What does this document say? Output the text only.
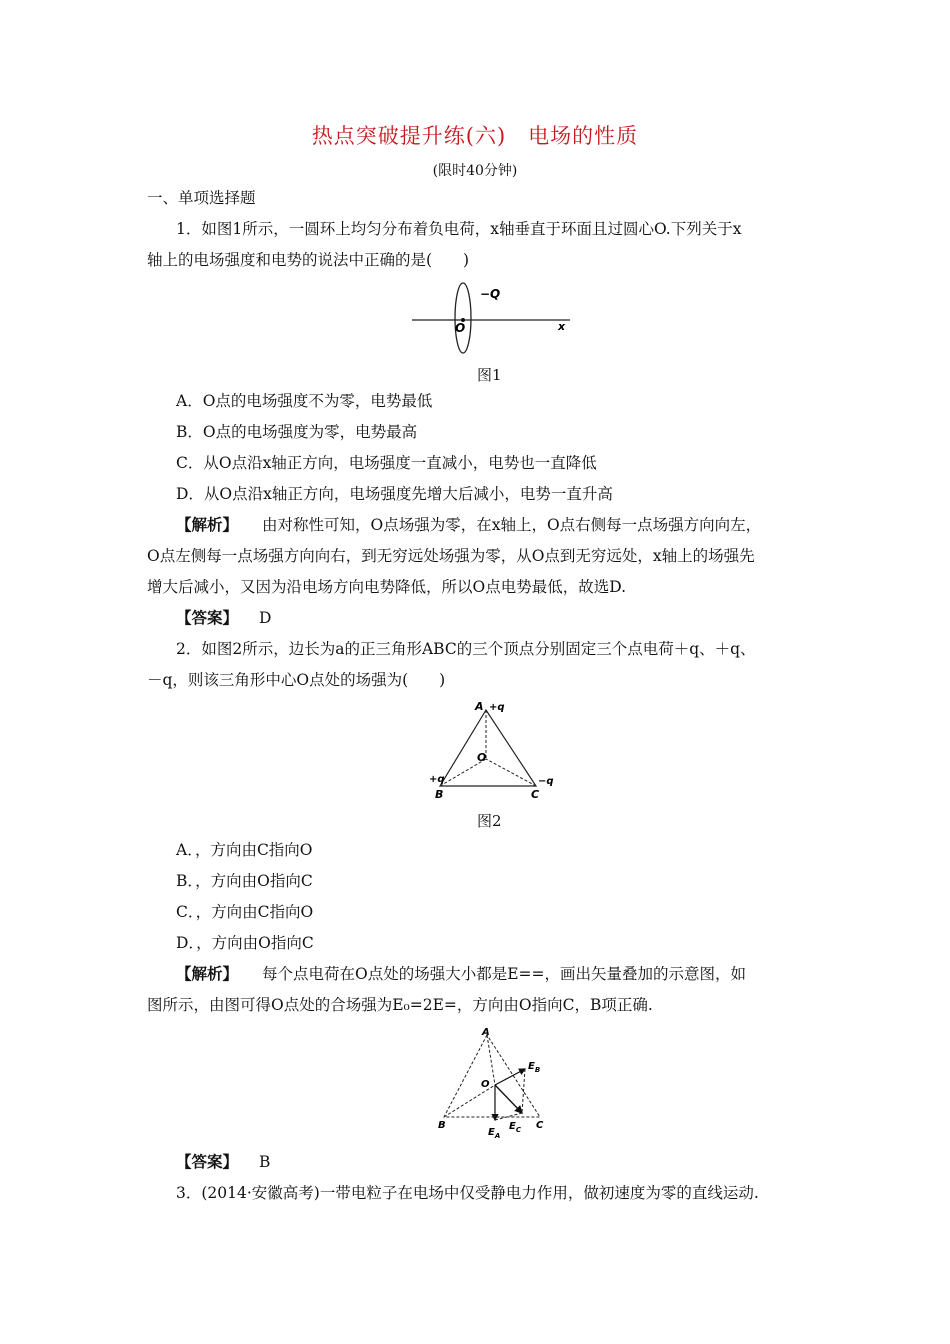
热点突破提升练(六)　电场的性质
(限时40分钟)
一、单项选择题
1．如图1所示，一圆环上均匀分布着负电荷，x轴垂直于环面且过圆心O.下列关于x
轴上的电场强度和电势的说法中正确的是(　　)
−Q
O	x
图1
A．O点的电场强度不为零，电势最低
B．O点的电场强度为零，电势最高
C．从O点沿x轴正方向，电场强度一直减小，电势也一直降低
D．从O点沿x轴正方向，电场强度先增大后减小，电势一直升高
【解析】 由对称性可知，O点场强为零，在x轴上，O点右侧每一点场强方向向左，
O点左侧每一点场强方向向右，到无穷远处场强为零，从O点到无穷远处，x轴上的场强先
增大后减小，又因为沿电场方向电势降低，所以O点电势最低，故选D.
【答案】 D
2．如图2所示，边长为a的正三角形ABC的三个顶点分别固定三个点电荷＋q、＋q、
－q，则该三角形中心O点处的场强为(　　)
A +q
+q
B
−q
C
O
图2
A．，方向由C指向O
B．，方向由O指向C
C．，方向由C指向O
D．，方向由O指向C
【解析】 每个点电荷在O点处的场强大小都是E==，画出矢量叠加的示意图，如
图所示，由图可得O点处的合场强为E₀=2E=，方向由O指向C，B项正确.
A
B	C
O
$E_B$
$E_A$
$E_C$
【答案】 B
3．(2014·安徽高考)一带电粒子在电场中仅受静电力作用，做初速度为零的直线运动.
